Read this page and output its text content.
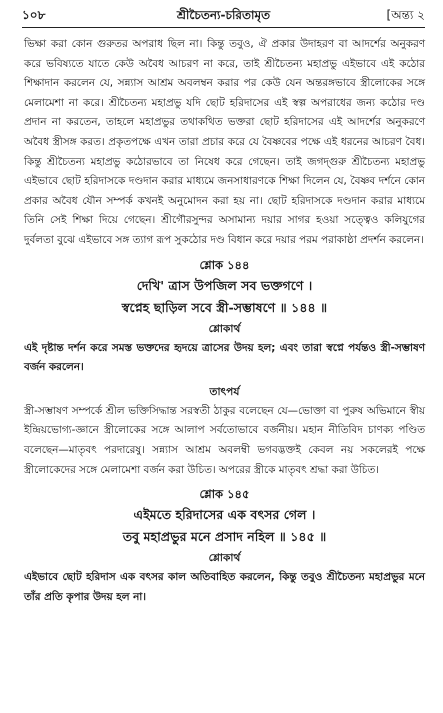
১০৮	শ্রীচৈতন্য-চরিতামৃত	[অন্ত্য ২

ভিক্ষা করা কোন গুরুতর অপরাধ ছিল না। কিন্তু তবুও, ঐ প্রকার উদাহরণ বা আদর্শের অনুকরণ করে ভবিষ্যতে যাতে কেউ অবৈধ আচরণ না করে, তাই শ্রীচৈতন্য মহাপ্রভু এইভাবে এই কঠোর শিক্ষাদান করলেন যে, সন্ন্যাস আশ্রম অবলম্বন করার পর কেউ যেন অন্তরঙ্গভাবে স্ত্রীলোকের সঙ্গে মেলামেশা না করে। শ্রীচৈতন্য মহাপ্রভু যদি ছোট হরিদাসের এই স্বল্প অপরাধের জন্য কঠোর দণ্ড প্রদান না করতেন, তাহলে মহাপ্রভুর তথাকথিত ভক্তরা ছোট হরিদাসের এই আদর্শের অনুকরণে অবৈধ স্ত্রীসঙ্গ করত। প্রকৃতপক্ষে এখন তারা প্রচার করে যে বৈষ্ণবের পক্ষে এই ধরনের আচরণ বৈধ। কিন্তু শ্রীচৈতন্য মহাপ্রভু কঠোরভাবে তা নিষেধ করে গেছেন। তাই জগদ্গুরু শ্রীচৈতন্য মহাপ্রভু এইভাবে ছোট হরিদাসকে দণ্ডদান করার মাধ্যমে জনসাধারণকে শিক্ষা দিলেন যে, বৈষ্ণব দর্শনে কোন প্রকার অবৈধ যৌন সম্পর্ক কখনই অনুমোদন করা হয় না। ছোট হরিদাসকে দণ্ডদান করার মাধ্যমে তিনি সেই শিক্ষা দিয়ে গেছেন। শ্রীগৌরসুন্দর অসামান্য দয়ার সাগর হওয়া সত্ত্বেও কলিযুগের দুর্বলতা বুঝে এইভাবে সঙ্গ ত্যাগ রূপ সুকঠোর দণ্ড বিধান করে দয়ার পরম পরাকাষ্ঠা প্রদর্শন করলেন।

শ্লোক ১৪৪
দেখি' ত্রাস উপজিল সব ভক্তগণে ।
স্বপ্নেহ ছাড়িল সবে স্ত্রী-সম্ভাষণে ॥ ১৪৪ ॥
শ্লোকার্থ

এই দৃষ্টান্ত দর্শন করে সমস্ত ভক্তদের হৃদয়ে ত্রাসের উদয় হল; এবং তারা স্বপ্নে পর্যন্তও স্ত্রী-সম্ভাষণ বর্জন করলেন।

তাৎপর্য

স্ত্রী-সম্ভাষণ সম্পর্কে শ্রীল ভক্তিসিদ্ধান্ত সরস্বতী ঠাকুর বলেছেন যে—ভোক্তা বা পুরুষ অভিমানে স্বীয় ইন্দ্রিয়ভোগ্য-জ্ঞানে স্ত্রীলোকের সঙ্গে আলাপ সর্বতোভাবে বর্জনীয়। মহান নীতিবিদ চাণক্য পণ্ডিত বলেছেন—মাতৃবৎ পরদারেষু। সন্ন্যাস আশ্রম অবলম্বী ভগবদ্ভক্তই কেবল নয় সকলেরই পক্ষে স্ত্রীলোকেদের সঙ্গে মেলামেশা বর্জন করা উচিত। অপরের স্ত্রীকে মাতৃবৎ শ্রদ্ধা করা উচিত।

শ্লোক ১৪৫
এইমতে হরিদাসের এক বৎসর গেল ।
তবু মহাপ্রভুর মনে প্রসাদ নহিল ॥ ১৪৫ ॥
শ্লোকার্থ

এইভাবে ছোট হরিদাস এক বৎসর কাল অতিবাহিত করলেন, কিন্তু তবুও শ্রীচৈতন্য মহাপ্রভুর মনে তাঁর প্রতি কৃপার উদয় হল না।
